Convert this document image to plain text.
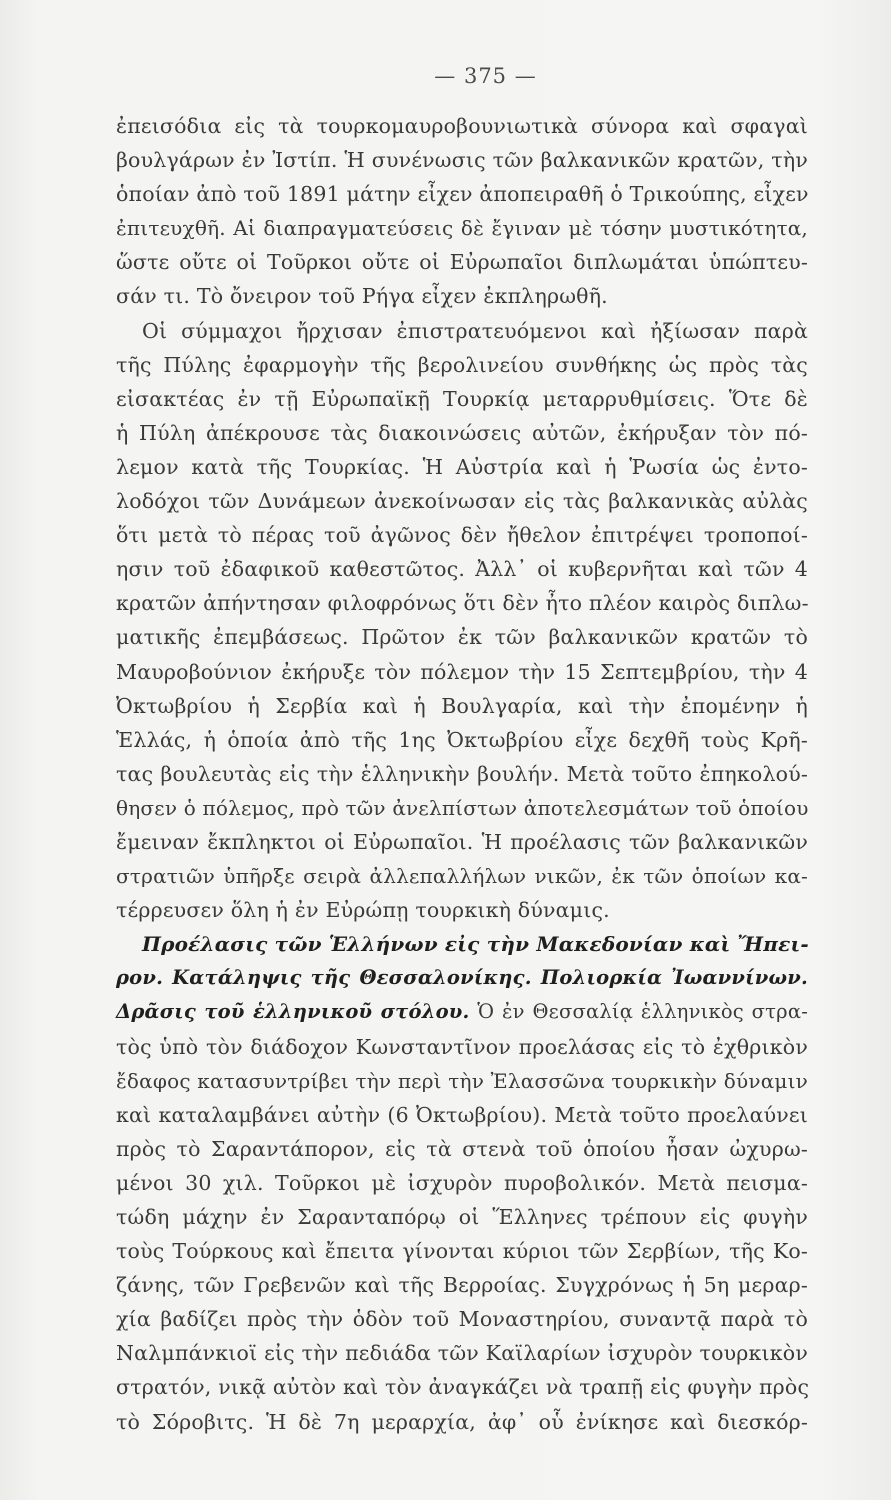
— 375 —
ἐπεισόδια εἰς τὰ τουρκομαυροβουνιωτικὰ σύνορα καὶ σφαγαὶ
βουλγάρων ἐν Ἰστίπ. Ἡ συνένωσις τῶν βαλκανικῶν κρατῶν, τὴν
ὁποίαν ἀπὸ τοῦ 1891 μάτην εἶχεν ἀποπειραθῆ ὁ Τρικούπης, εἶχεν
ἐπιτευχθῆ. Αἱ διαπραγματεύσεις δὲ ἔγιναν μὲ τόσην μυστικότητα,
ὥστε οὔτε οἱ Τοῦρκοι οὔτε οἱ Εὐρωπαῖοι διπλωμάται ὑπώπτευ-
σάν τι. Τὸ ὄνειρον τοῦ Ρήγα εἶχεν ἐκπληρωθῆ.
Οἱ σύμμαχοι ἤρχισαν ἐπιστρατευόμενοι καὶ ἠξίωσαν παρὰ
τῆς Πύλης ἐφαρμογὴν τῆς βερολινείου συνθήκης ὡς πρὸς τὰς
εἰσακτέας ἐν τῇ Εὐρωπαϊκῇ Τουρκίᾳ μεταρρυθμίσεις. Ὅτε δὲ
ἡ Πύλη ἀπέκρουσε τὰς διακοινώσεις αὐτῶν, ἐκήρυξαν τὸν πό-
λεμον κατὰ τῆς Τουρκίας. Ἡ Αὐστρία καὶ ἡ Ῥωσία ὡς ἐντο-
λοδόχοι τῶν Δυνάμεων ἀνεκοίνωσαν εἰς τὰς βαλκανικὰς αὐλὰς
ὅτι μετὰ τὸ πέρας τοῦ ἀγῶνος δὲν ἤθελον ἐπιτρέψει τροποποί-
ησιν τοῦ ἐδαφικοῦ καθεστῶτος. Ἀλλ᾽ οἱ κυβερνῆται καὶ τῶν 4
κρατῶν ἀπήντησαν φιλοφρόνως ὅτι δὲν ἦτο πλέον καιρὸς διπλω-
ματικῆς ἐπεμβάσεως. Πρῶτον ἐκ τῶν βαλκανικῶν κρατῶν τὸ
Μαυροβούνιον ἐκήρυξε τὸν πόλεμον τὴν 15 Σεπτεμβρίου, τὴν 4
Ὀκτωβρίου ἡ Σερβία καὶ ἡ Βουλγαρία, καὶ τὴν ἐπομένην ἡ
Ἑλλάς, ἡ ὁποία ἀπὸ τῆς 1ης Ὀκτωβρίου εἶχε δεχθῆ τοὺς Κρῆ-
τας βουλευτὰς εἰς τὴν ἑλληνικὴν βουλήν. Μετὰ τοῦτο ἐπηκολού-
θησεν ὁ πόλεμος, πρὸ τῶν ἀνελπίστων ἀποτελεσμάτων τοῦ ὁποίου
ἔμειναν ἔκπληκτοι οἱ Εὐρωπαῖοι. Ἡ προέλασις τῶν βαλκανικῶν
στρατιῶν ὑπῆρξε σειρὰ ἀλλεπαλλήλων νικῶν, ἐκ τῶν ὁποίων κα-
τέρρευσεν ὅλη ἡ ἐν Εὐρώπῃ τουρκικὴ δύναμις.
Προέλασις τῶν Ἑλλήνων εἰς τὴν Μακεδονίαν καὶ Ἤπει-
ρον. Κατάληψις τῆς Θεσσαλονίκης. Πολιορκία Ἰωαννίνων.
Δρᾶσις τοῦ ἑλληνικοῦ στόλου. Ὁ ἐν Θεσσαλίᾳ ἑλληνικὸς στρα-
τὸς ὑπὸ τὸν διάδοχον Κωνσταντῖνον προελάσας εἰς τὸ ἐχθρικὸν
ἔδαφος κατασυντρίβει τὴν περὶ τὴν Ἐλασσῶνα τουρκικὴν δύναμιν
καὶ καταλαμβάνει αὐτὴν (6 Ὀκτωβρίου). Μετὰ τοῦτο προελαύνει
πρὸς τὸ Σαραντάπορον, εἰς τὰ στενὰ τοῦ ὁποίου ἦσαν ὠχυρω-
μένοι 30 χιλ. Τοῦρκοι μὲ ἰσχυρὸν πυροβολικόν. Μετὰ πεισμα-
τώδη μάχην ἐν Σαρανταπόρῳ οἱ Ἕλληνες τρέπουν εἰς φυγὴν
τοὺς Τούρκους καὶ ἔπειτα γίνονται κύριοι τῶν Σερβίων, τῆς Κο-
ζάνης, τῶν Γρεβενῶν καὶ τῆς Βερροίας. Συγχρόνως ἡ 5η μεραρ-
χία βαδίζει πρὸς τὴν ὁδὸν τοῦ Μοναστηρίου, συναντᾷ παρὰ τὸ
Ναλμπάνκιοϊ εἰς τὴν πεδιάδα τῶν Καϊλαρίων ἰσχυρὸν τουρκικὸν
στρατόν, νικᾷ αὐτὸν καὶ τὸν ἀναγκάζει νὰ τραπῇ εἰς φυγὴν πρὸς
τὸ Σόροβιτς. Ἡ δὲ 7η μεραρχία, ἀφ᾽ οὗ ἐνίκησε καὶ διεσκόρ-
